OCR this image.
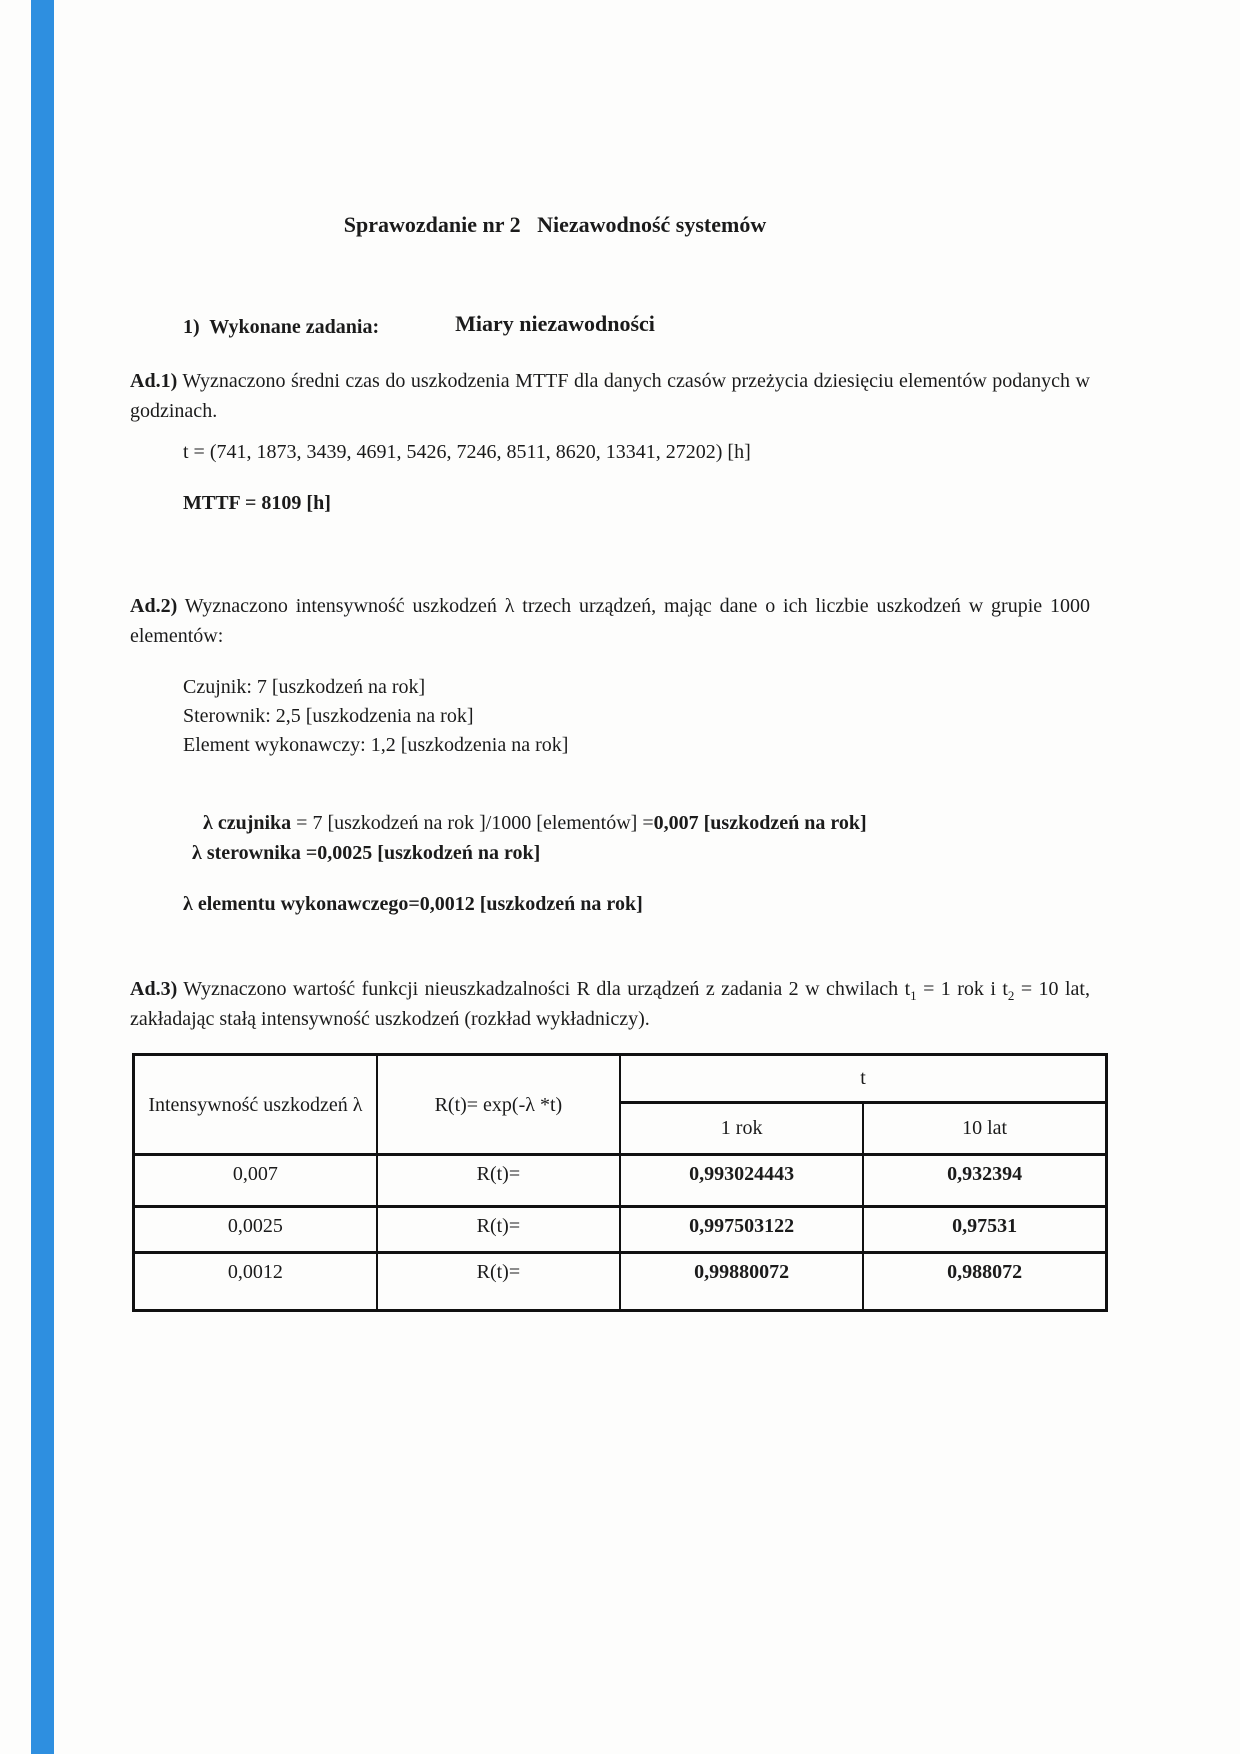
Sprawozdanie nr 2   Niezawodność systemów

Miary niezawodności

1)  Wykonane zadania:
Ad.1) Wyznaczono średni czas do uszkodzenia MTTF dla danych czasów przeżycia dziesięciu elementów podanych w godzinach.
t = (741, 1873, 3439, 4691, 5426, 7246, 8511, 8620, 13341, 27202) [h]
MTTF = 8109 [h]
Ad.2) Wyznaczono intensywność uszkodzeń λ trzech urządzeń, mając dane o ich liczbie uszkodzeń w grupie 1000 elementów:
Czujnik: 7 [uszkodzeń na rok]
Sterownik: 2,5 [uszkodzenia na rok]
Element wykonawczy: 1,2 [uszkodzenia na rok]

λ czujnika = 7 [uszkodzeń na rok ]/1000 [elementów] =0,007 [uszkodzeń na rok]

λ sterownika =0,0025 [uszkodzeń na rok]
λ elementu wykonawczego=0,0012 [uszkodzeń na rok]
Ad.3) Wyznaczono wartość funkcji nieuszkadzalności R dla urządzeń z zadania 2 w chwilach $t_1 = 1$ rok i $t_2 = 10$ lat, zakładając stałą intensywność uszkodzeń (rozkład wykładniczy).
Intensywność uszkodzeń λ	R(t)= exp(-λ *t)	t	
		1 rok	10 lat
0,007	R(t)=	0,993024443	0,932394
0,0025	R(t)=	0,997503122	0,97531
0,0012	R(t)=	0,99880072	0,988072
